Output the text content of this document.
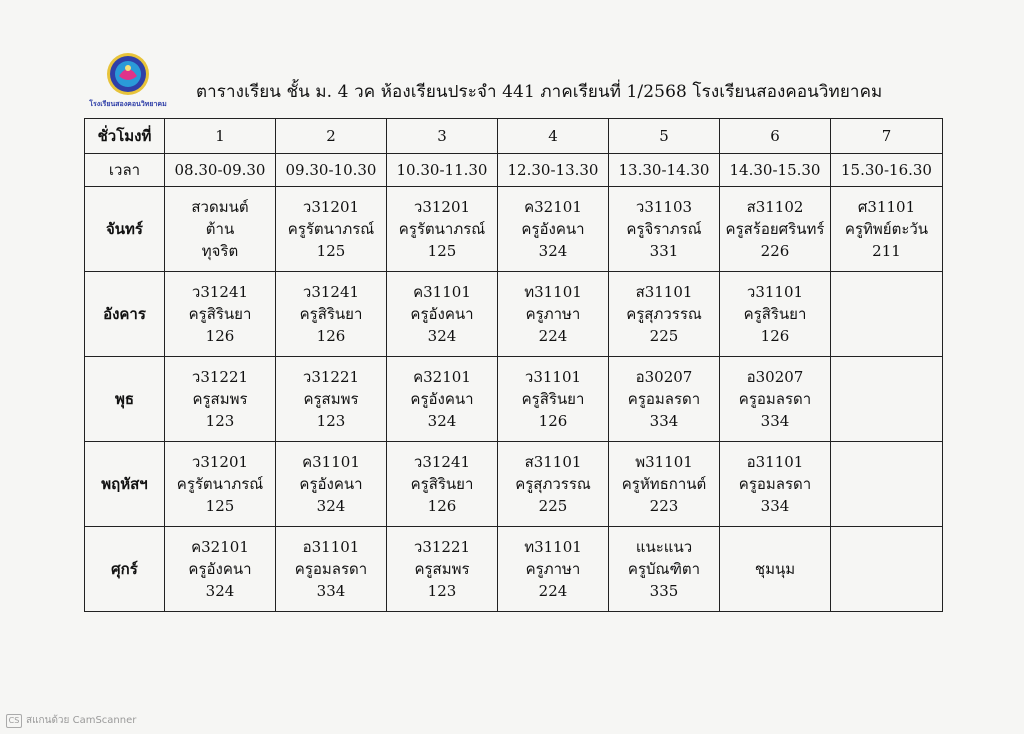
โรงเรียนสองคอนวิทยาคม
ตารางเรียน ชั้น ม. 4 วค ห้องเรียนประจำ 441 ภาคเรียนที่ 1/2568 โรงเรียนสองคอนวิทยาคม
ชั่วโมงที่	1	2	3	4	5	6	7
เวลา	08.30-09.30	09.30-10.30	10.30-11.30	12.30-13.30	13.30-14.30	14.30-15.30	15.30-16.30
จันทร์	สวดมนต์
ต้าน
ทุจริต	ว31201
ครูรัตนาภรณ์
125	ว31201
ครูรัตนาภรณ์
125	ค32101
ครูอังคนา
324	ว31103
ครูจิราภรณ์
331	ส31102
ครูสร้อยศรินทร์
226	ศ31101
ครูทิพย์ตะวัน
211

อังคาร	ว31241
ครูสิรินยา
126	ว31241
ครูสิรินยา
126	ค31101
ครูอังคนา
324	ท31101
ครูภาษา
224	ส31101
ครูสุภวรรณ
225	ว31101
ครูสิรินยา
126	

พุธ	ว31221
ครูสมพร
123	ว31221
ครูสมพร
123	ค32101
ครูอังคนา
324	ว31101
ครูสิรินยา
126	อ30207
ครูอมลรดา
334	อ30207
ครูอมลรดา
334	

พฤหัสฯ	ว31201
ครูรัตนาภรณ์
125	ค31101
ครูอังคนา
324	ว31241
ครูสิรินยา
126	ส31101
ครูสุภวรรณ
225	พ31101
ครูหัทธกานต์
223	อ31101
ครูอมลรดา
334	

ศุกร์	ค32101
ครูอังคนา
324	อ31101
ครูอมลรดา
334	ว31221
ครูสมพร
123	ท31101
ครูภาษา
224	แนะแนว
ครูบัณฑิตา
335	ชุมนุม	

CS สแกนด้วย CamScanner
